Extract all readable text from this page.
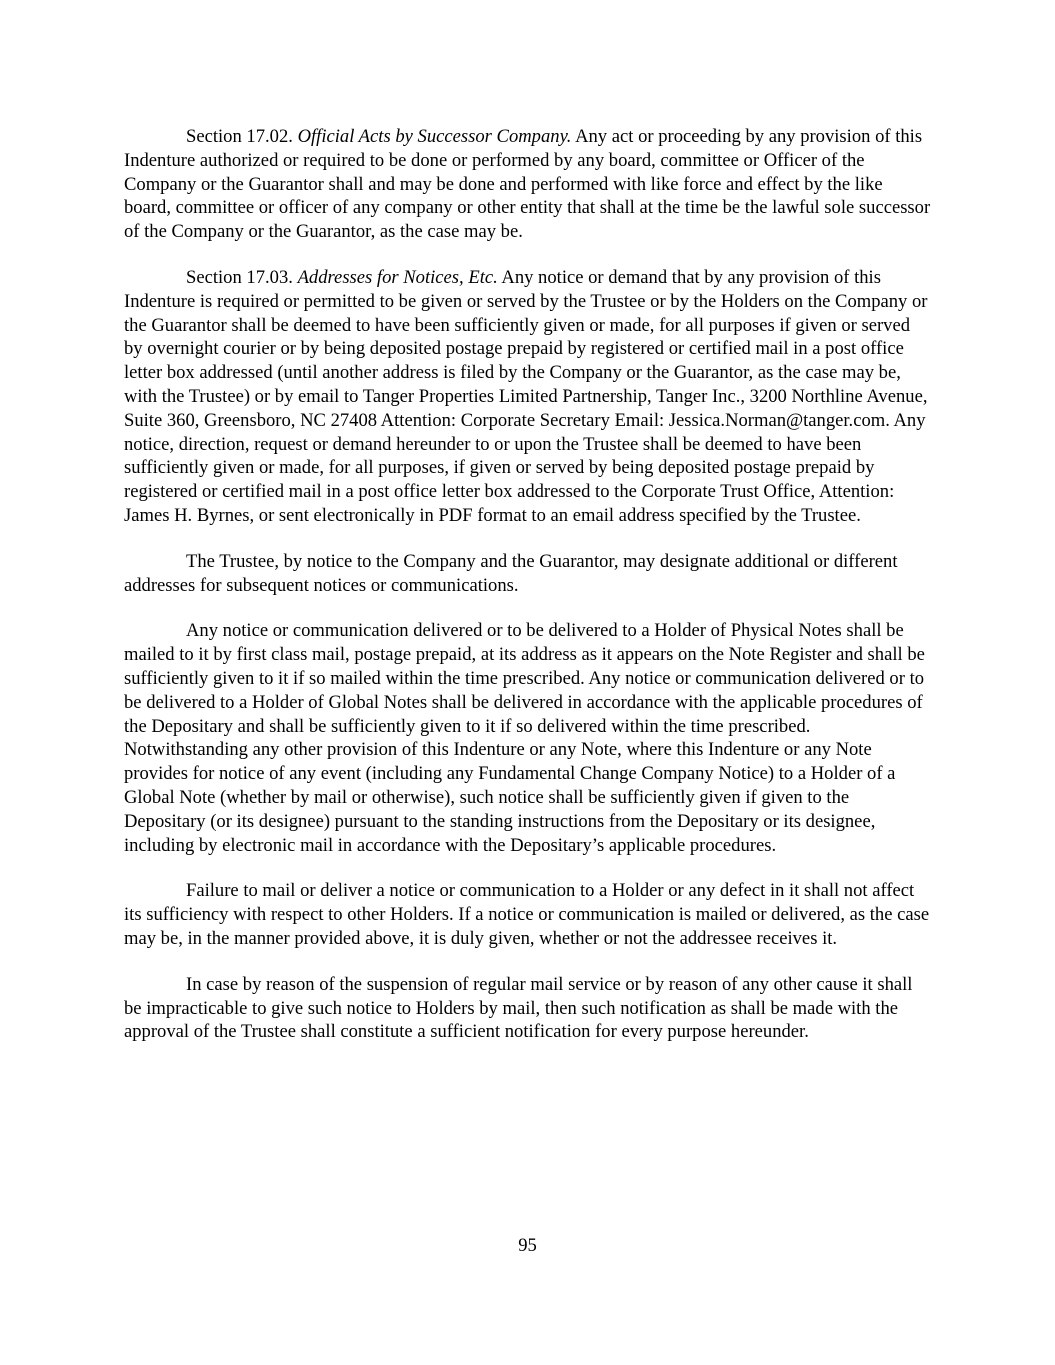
Section 17.02. Official Acts by Successor Company. Any act or proceeding by any provision of this Indenture authorized or required to be done or performed by any board, committee or Officer of the Company or the Guarantor shall and may be done and performed with like force and effect by the like board, committee or officer of any company or other entity that shall at the time be the lawful sole successor of the Company or the Guarantor, as the case may be.

Section 17.03. Addresses for Notices, Etc. Any notice or demand that by any provision of this Indenture is required or permitted to be given or served by the Trustee or by the Holders on the Company or the Guarantor shall be deemed to have been sufficiently given or made, for all purposes if given or served by overnight courier or by being deposited postage prepaid by registered or certified mail in a post office letter box addressed (until another address is filed by the Company or the Guarantor, as the case may be, with the Trustee) or by email to Tanger Properties Limited Partnership, Tanger Inc., 3200 Northline Avenue, Suite 360, Greensboro, NC 27408 Attention: Corporate Secretary Email: Jessica.Norman@tanger.com. Any notice, direction, request or demand hereunder to or upon the Trustee shall be deemed to have been sufficiently given or made, for all purposes, if given or served by being deposited postage prepaid by registered or certified mail in a post office letter box addressed to the Corporate Trust Office, Attention: James H. Byrnes, or sent electronically in PDF format to an email address specified by the Trustee.

The Trustee, by notice to the Company and the Guarantor, may designate additional or different addresses for subsequent notices or communications.

Any notice or communication delivered or to be delivered to a Holder of Physical Notes shall be mailed to it by first class mail, postage prepaid, at its address as it appears on the Note Register and shall be sufficiently given to it if so mailed within the time prescribed. Any notice or communication delivered or to be delivered to a Holder of Global Notes shall be delivered in accordance with the applicable procedures of the Depositary and shall be sufficiently given to it if so delivered within the time prescribed. Notwithstanding any other provision of this Indenture or any Note, where this Indenture or any Note provides for notice of any event (including any Fundamental Change Company Notice) to a Holder of a Global Note (whether by mail or otherwise), such notice shall be sufficiently given if given to the Depositary (or its designee) pursuant to the standing instructions from the Depositary or its designee, including by electronic mail in accordance with the Depositary’s applicable procedures.

Failure to mail or deliver a notice or communication to a Holder or any defect in it shall not affect its sufficiency with respect to other Holders. If a notice or communication is mailed or delivered, as the case may be, in the manner provided above, it is duly given, whether or not the addressee receives it.

In case by reason of the suspension of regular mail service or by reason of any other cause it shall be impracticable to give such notice to Holders by mail, then such notification as shall be made with the approval of the Trustee shall constitute a sufficient notification for every purpose hereunder.

95
